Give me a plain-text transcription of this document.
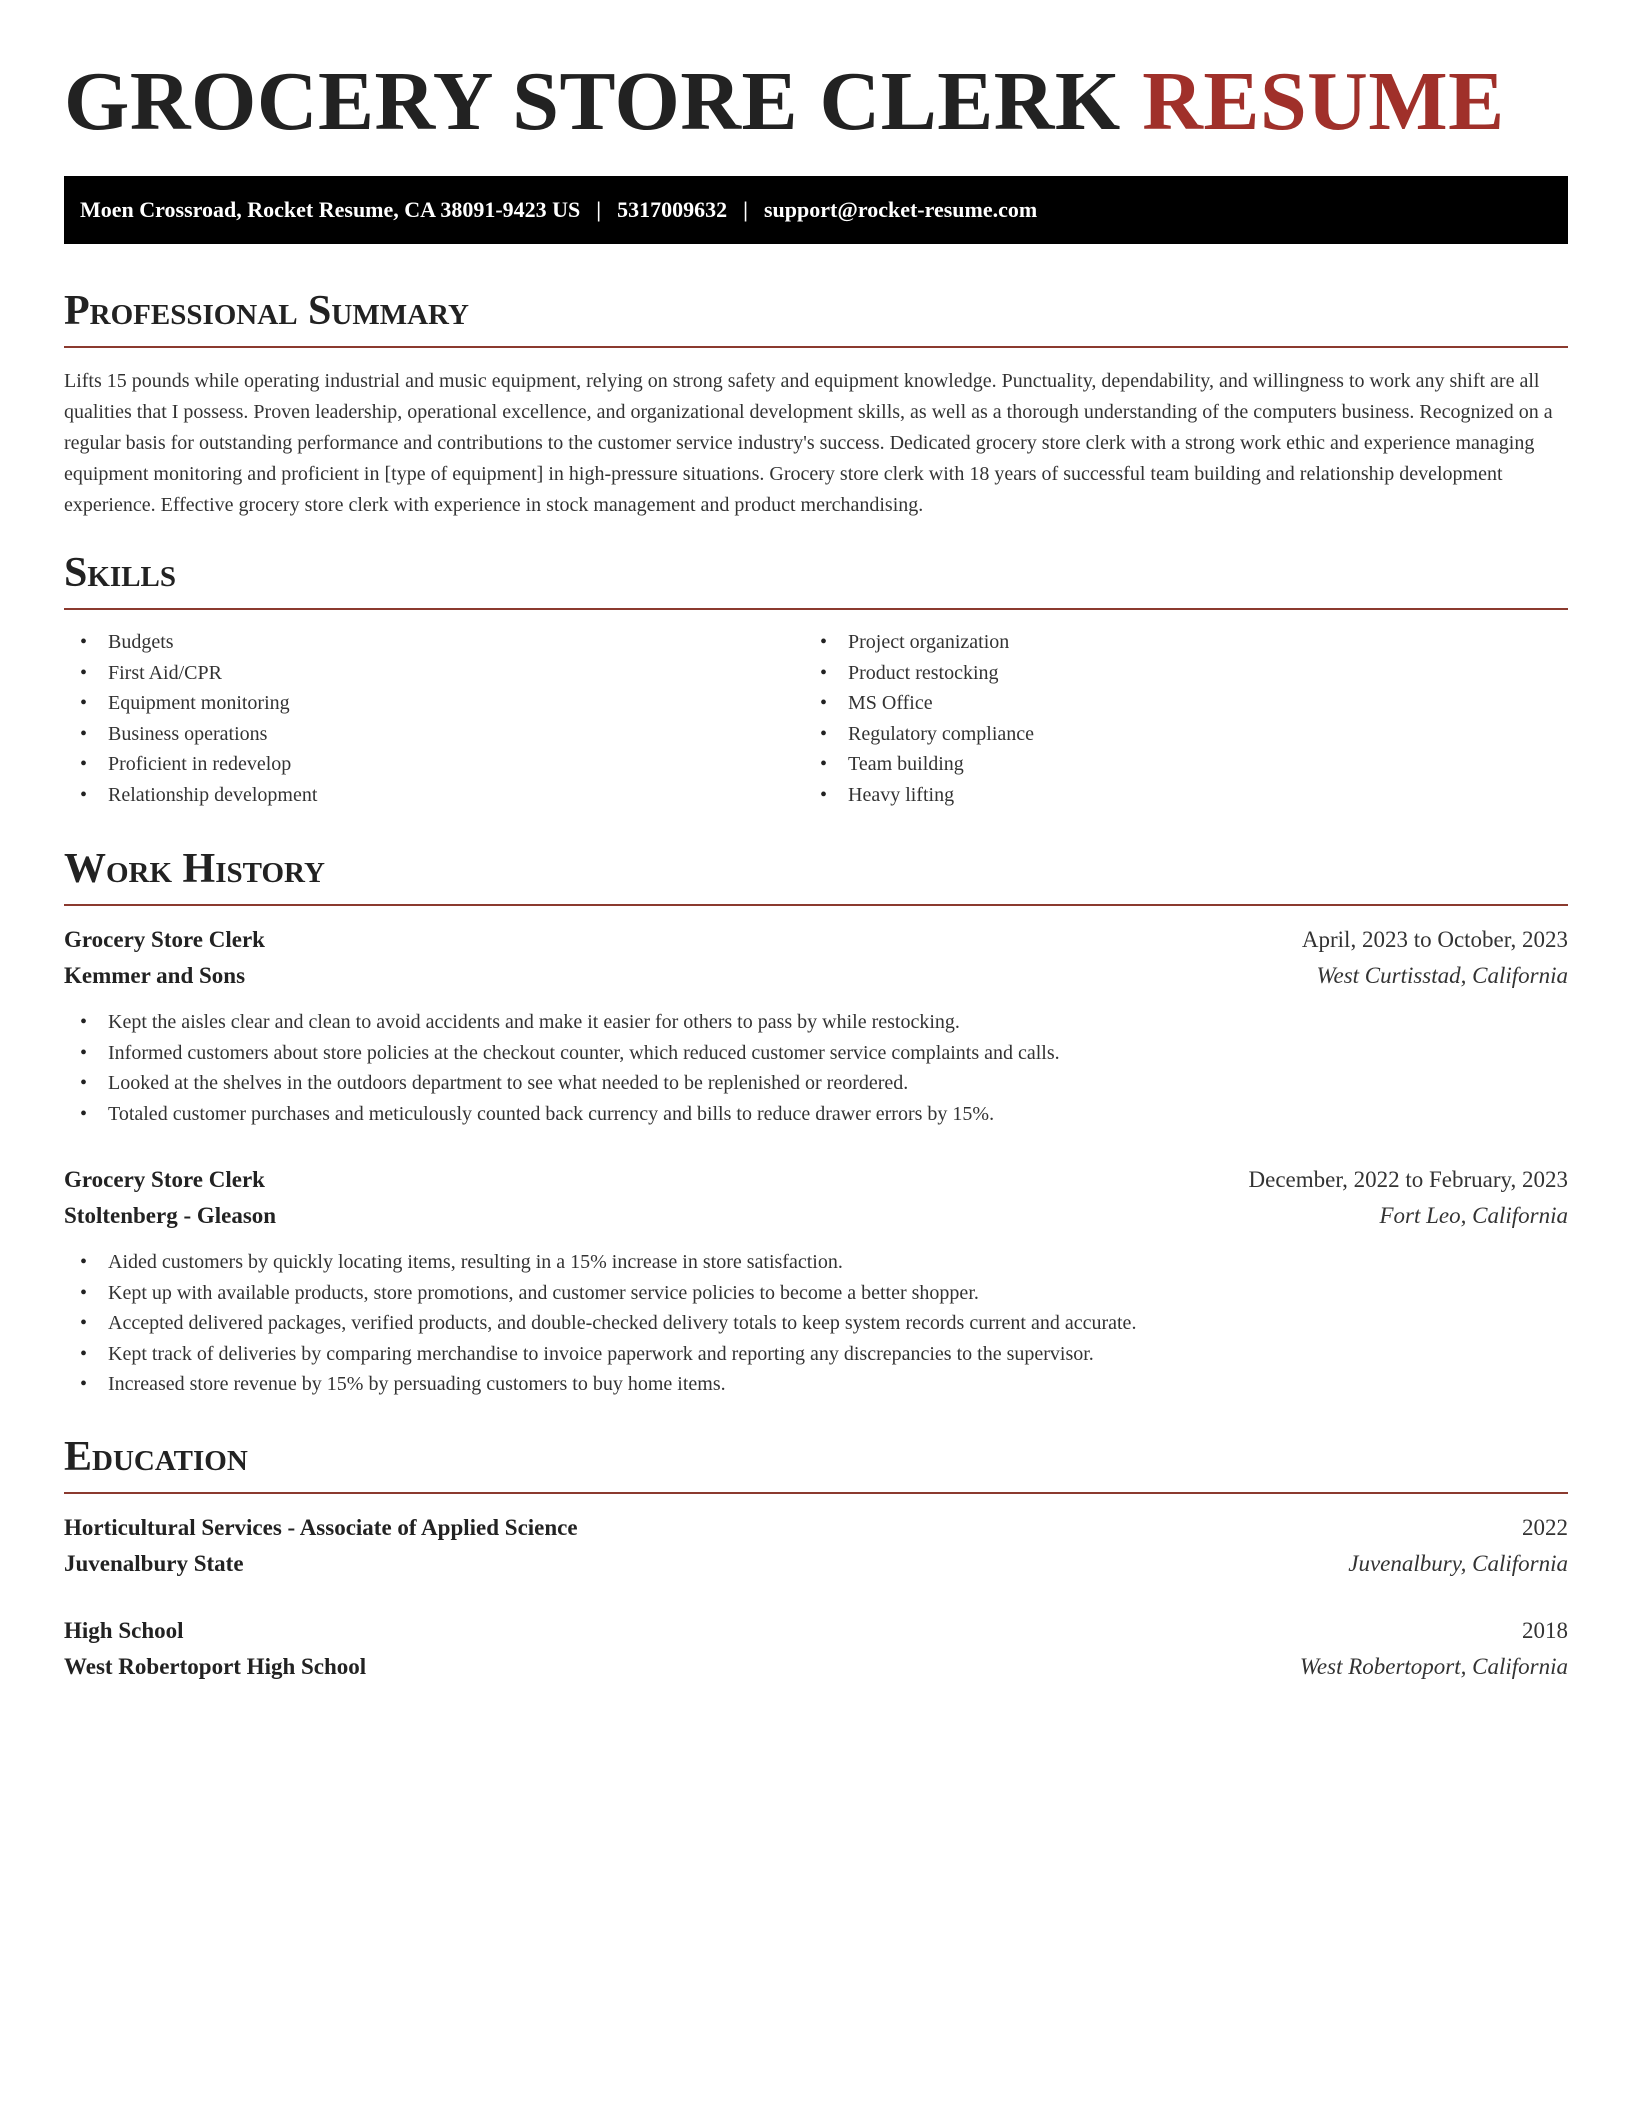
GROCERY STORE CLERK RESUME
Moen Crossroad, Rocket Resume, CA 38091-9423 US | 5317009632 | support@rocket-resume.com
Professional Summary

Lifts 15 pounds while operating industrial and music equipment, relying on strong safety and equipment knowledge. Punctuality, dependability, and willingness to work any shift are all qualities that I possess. Proven leadership, operational excellence, and organizational development skills, as well as a thorough understanding of the computers business. Recognized on a regular basis for outstanding performance and contributions to the customer service industry's success. Dedicated grocery store clerk with a strong work ethic and experience managing equipment monitoring and proficient in [type of equipment] in high-pressure situations. Grocery store clerk with 18 years of successful team building and relationship development experience. Effective grocery store clerk with experience in stock management and product merchandising.

Skills
• Budgets
• First Aid/CPR
• Equipment monitoring
• Business operations
• Proficient in redevelop
• Relationship development
• Project organization
• Product restocking
• MS Office
• Regulatory compliance
• Team building
• Heavy lifting
Work History
Grocery Store Clerk	April, 2023 to October, 2023
Kemmer and Sons	West Curtisstad, California
• Kept the aisles clear and clean to avoid accidents and make it easier for others to pass by while restocking.
• Informed customers about store policies at the checkout counter, which reduced customer service complaints and calls.
• Looked at the shelves in the outdoors department to see what needed to be replenished or reordered.
• Totaled customer purchases and meticulously counted back currency and bills to reduce drawer errors by 15%.
Grocery Store Clerk	December, 2022 to February, 2023
Stoltenberg - Gleason	Fort Leo, California
• Aided customers by quickly locating items, resulting in a 15% increase in store satisfaction.
• Kept up with available products, store promotions, and customer service policies to become a better shopper.
• Accepted delivered packages, verified products, and double-checked delivery totals to keep system records current and accurate.
• Kept track of deliveries by comparing merchandise to invoice paperwork and reporting any discrepancies to the supervisor.
• Increased store revenue by 15% by persuading customers to buy home items.
Education
Horticultural Services - Associate of Applied Science	2022
Juvenalbury State	Juvenalbury, California
High School	2018
West Robertoport High School	West Robertoport, California
